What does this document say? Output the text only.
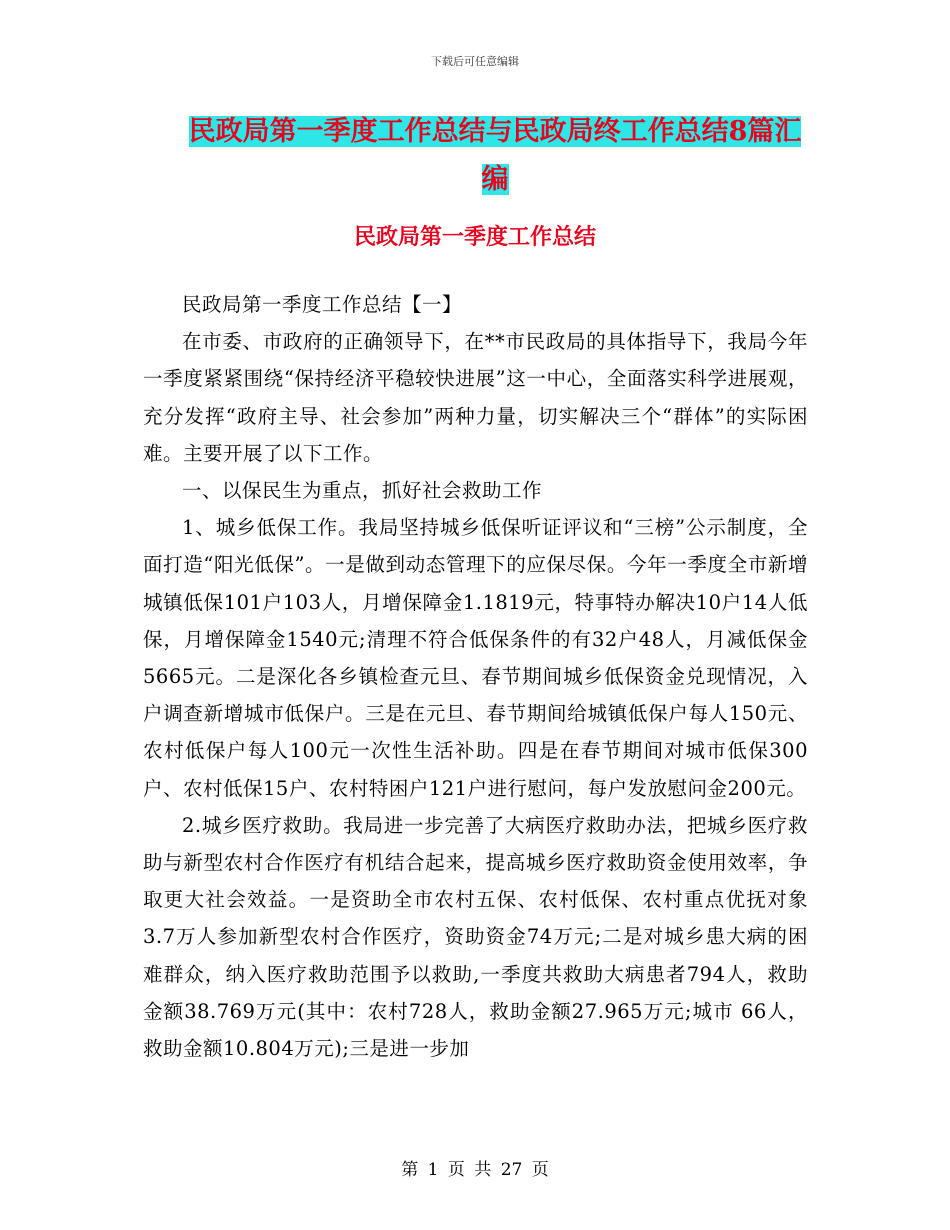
下载后可任意编辑
民政局第一季度工作总结与民政局终工作总结8篇汇编
民政局第一季度工作总结

民政局第一季度工作总结【一】

在市委、市政府的正确领导下，在**市民政局的具体指导下，我局今年一季度紧紧围绕“保持经济平稳较快进展”这一中心，全面落实科学进展观，充分发挥“政府主导、社会参加”两种力量，切实解决三个“群体”的实际困难。主要开展了以下工作。

一、以保民生为重点，抓好社会救助工作

1、城乡低保工作。我局坚持城乡低保听证评议和“三榜”公示制度，全面打造“阳光低保”。一是做到动态管理下的应保尽保。今年一季度全市新增城镇低保101户103人，月增保障金1.1819元，特事特办解决10户14人低保，月增保障金1540元;清理不符合低保条件的有32户48人，月减低保金5665元。二是深化各乡镇检查元旦、春节期间城乡低保资金兑现情况，入户调查新增城市低保户。三是在元旦、春节期间给城镇低保户每人150元、农村低保户每人100元一次性生活补助。四是在春节期间对城市低保300户、农村低保15户、农村特困户121户进行慰问，每户发放慰问金200元。

2.城乡医疗救助。我局进一步完善了大病医疗救助办法，把城乡医疗救助与新型农村合作医疗有机结合起来，提高城乡医疗救助资金使用效率，争取更大社会效益。一是资助全市农村五保、农村低保、农村重点优抚对象3.7万人参加新型农村合作医疗，资助资金74万元;二是对城乡患大病的困难群众，纳入医疗救助范围予以救助,一季度共救助大病患者794人，救助金额38.769万元(其中：农村728人，救助金额27.965万元;城市 66人，救助金额10.804万元);三是进一步加

第 1 页 共 27 页
